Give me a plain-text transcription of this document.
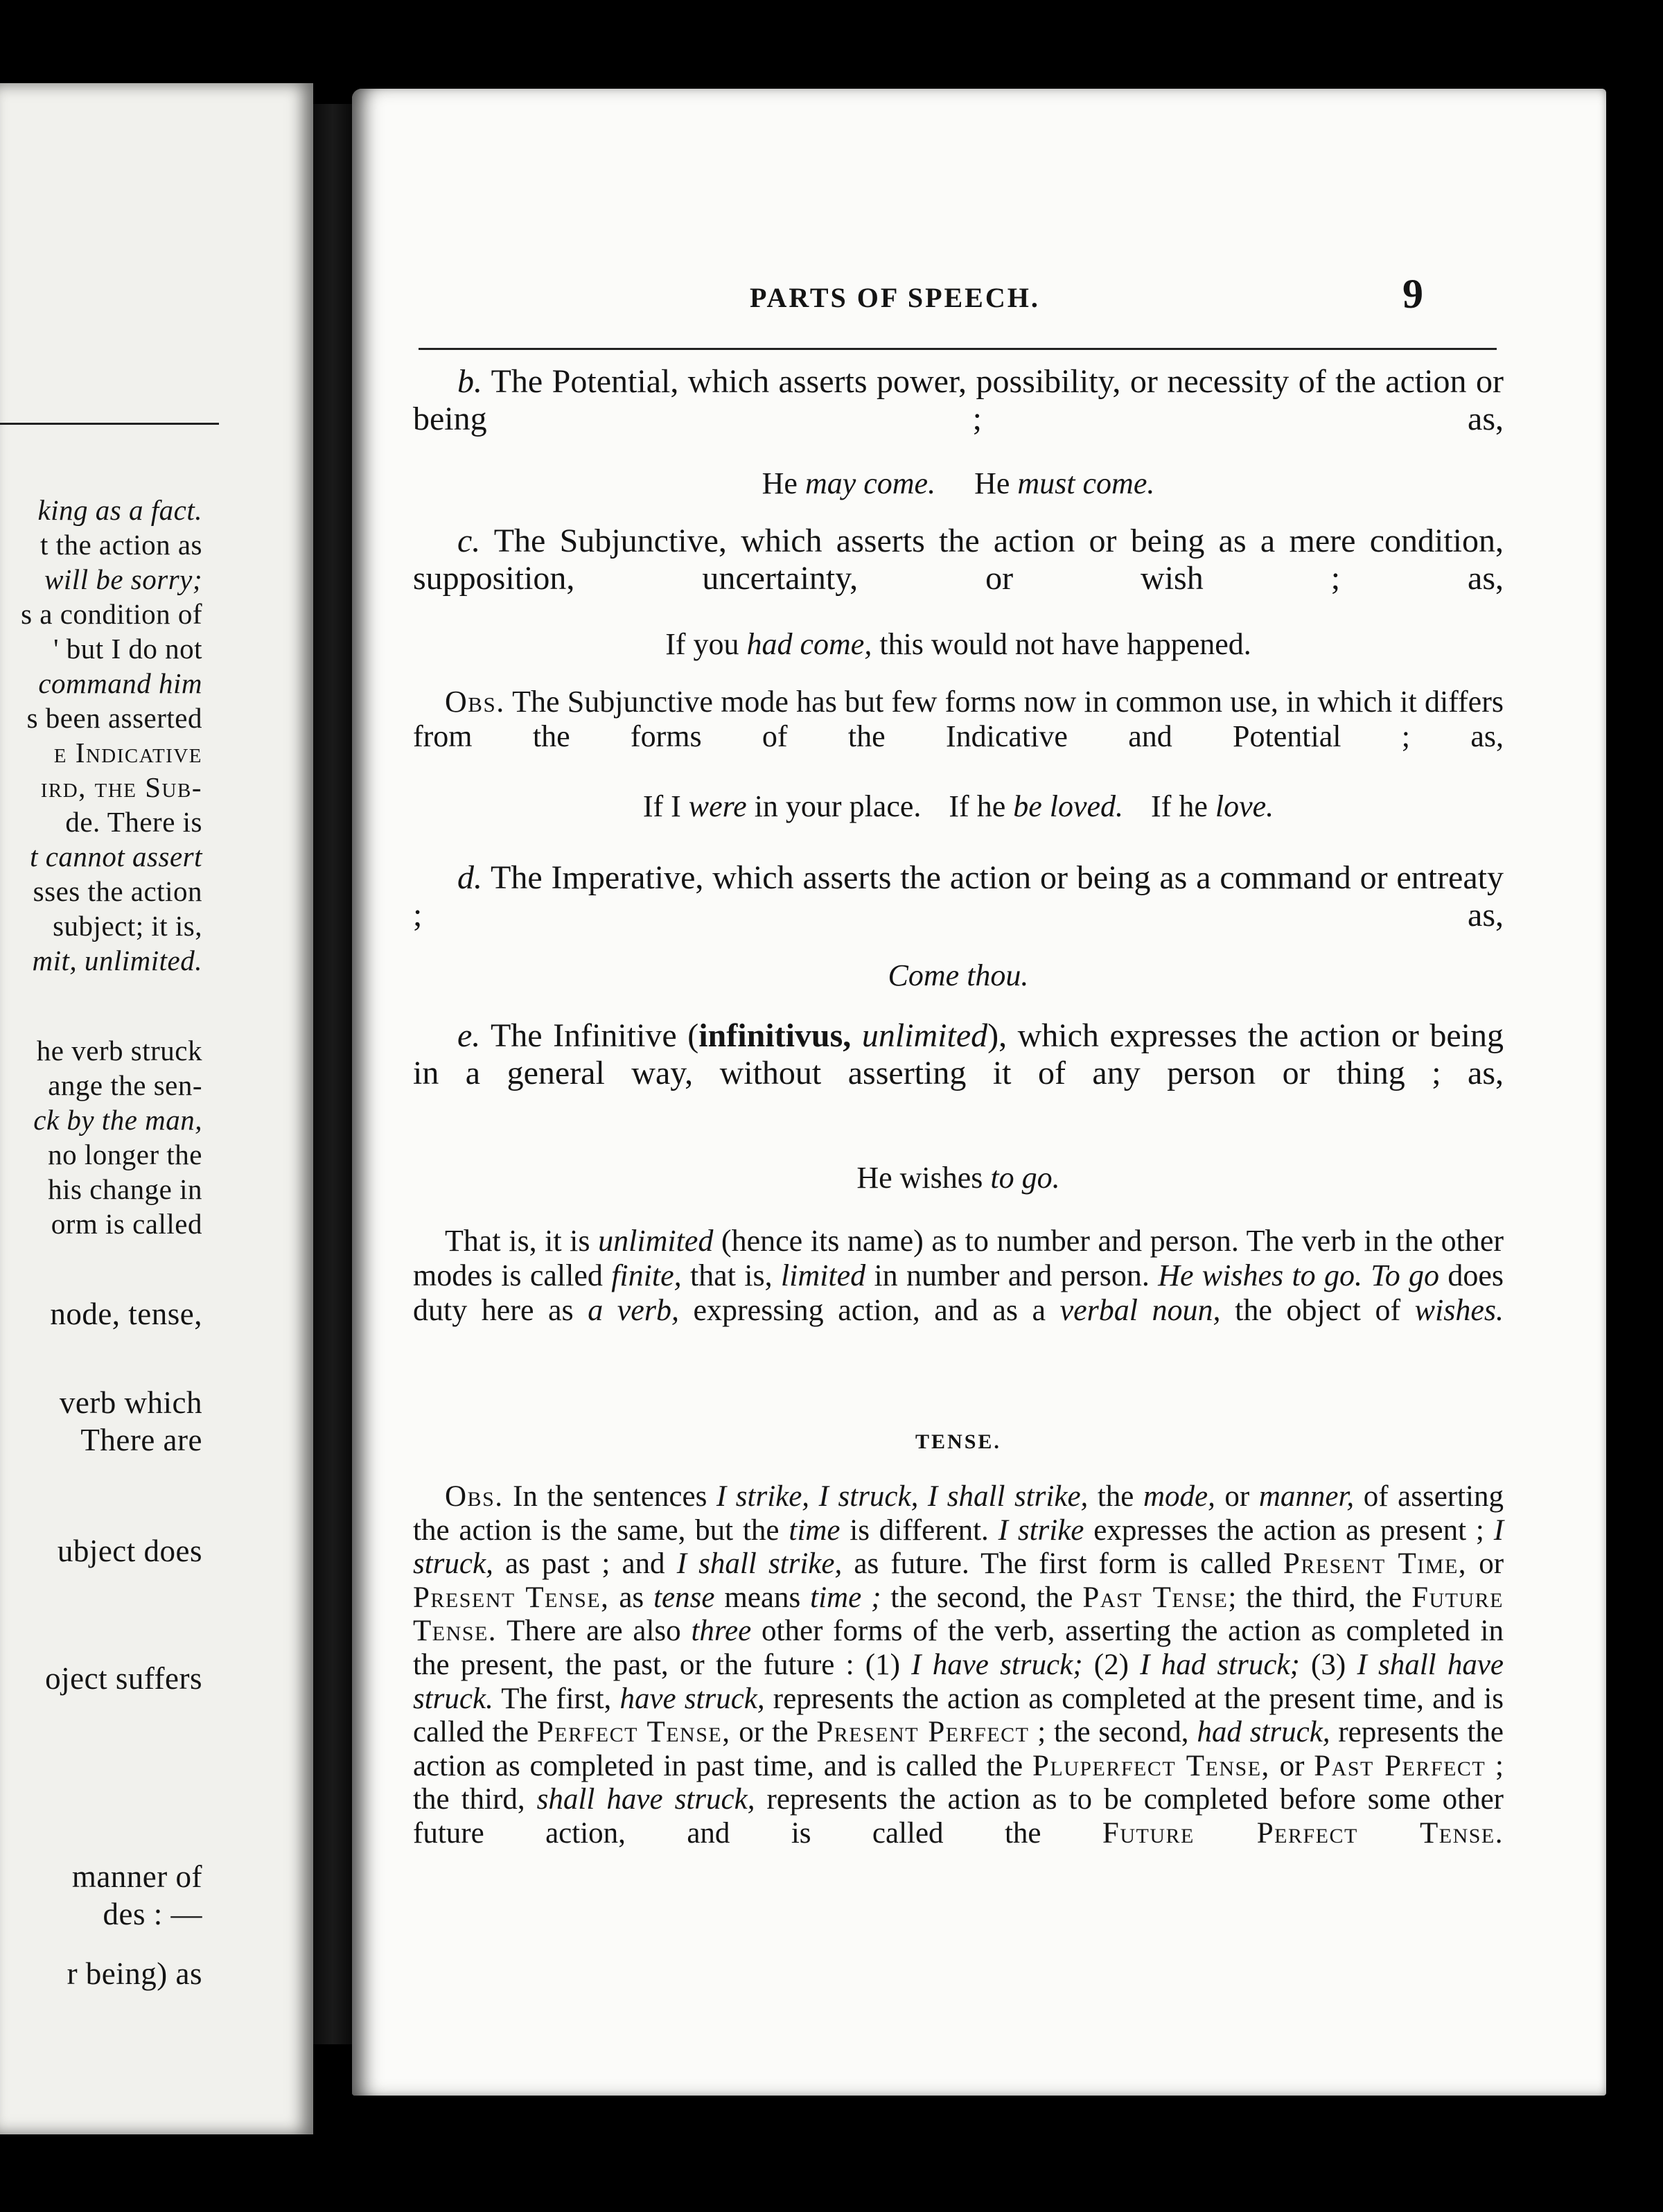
king as a fact.
t the action as
will be sorry;
s a condition of
' but I do not
command him
s been asserted
e Indicative
ird, the Sub-
de. There is
t cannot assert
sses the action
subject; it is,
mit, unlimited.
he verb struck
ange the sen-
ck by the man,
no longer the
his change in
orm is called
node, tense,
verb which
There are
ubject does
oject suffers
manner of
des : —
r being) as
PARTS OF SPEECH.	9
b. The Potential, which asserts power, possibility, or necessity of the action or being ; as,
He may come. He must come.
c. The Subjunctive, which asserts the action or being as a mere condition, supposition, uncertainty, or wish ; as,
If you had come, this would not have happened.
Obs. The Subjunctive mode has but few forms now in common use, in which it differs from the forms of the Indicative and Potential ; as,
If I were in your place. If he be loved. If he love.
d. The Imperative, which asserts the action or being as a command or entreaty ; as,
Come thou.
e. The Infinitive (infinitivus, unlimited), which expresses the action or being in a general way, without asserting it of any person or thing ; as,
He wishes to go.
That is, it is unlimited (hence its name) as to number and person. The verb in the other modes is called finite, that is, limited in number and person. He wishes to go. To go does duty here as a verb, expressing action, and as a verbal noun, the object of wishes.
TENSE.
Obs. In the sentences I strike, I struck, I shall strike, the mode, or manner, of asserting the action is the same, but the time is different. I strike expresses the action as present ; I struck, as past ; and I shall strike, as future. The first form is called Present Time, or Present Tense, as tense means time ; the second, the Past Tense; the third, the Future Tense. There are also three other forms of the verb, asserting the action as completed in the present, the past, or the future : (1) I have struck; (2) I had struck; (3) I shall have struck. The first, have struck, represents the action as completed at the present time, and is called the Perfect Tense, or the Present Perfect ; the second, had struck, represents the action as completed in past time, and is called the Pluperfect Tense, or Past Perfect ; the third, shall have struck, represents the action as to be completed before some other future action, and is called the Future Perfect Tense.
